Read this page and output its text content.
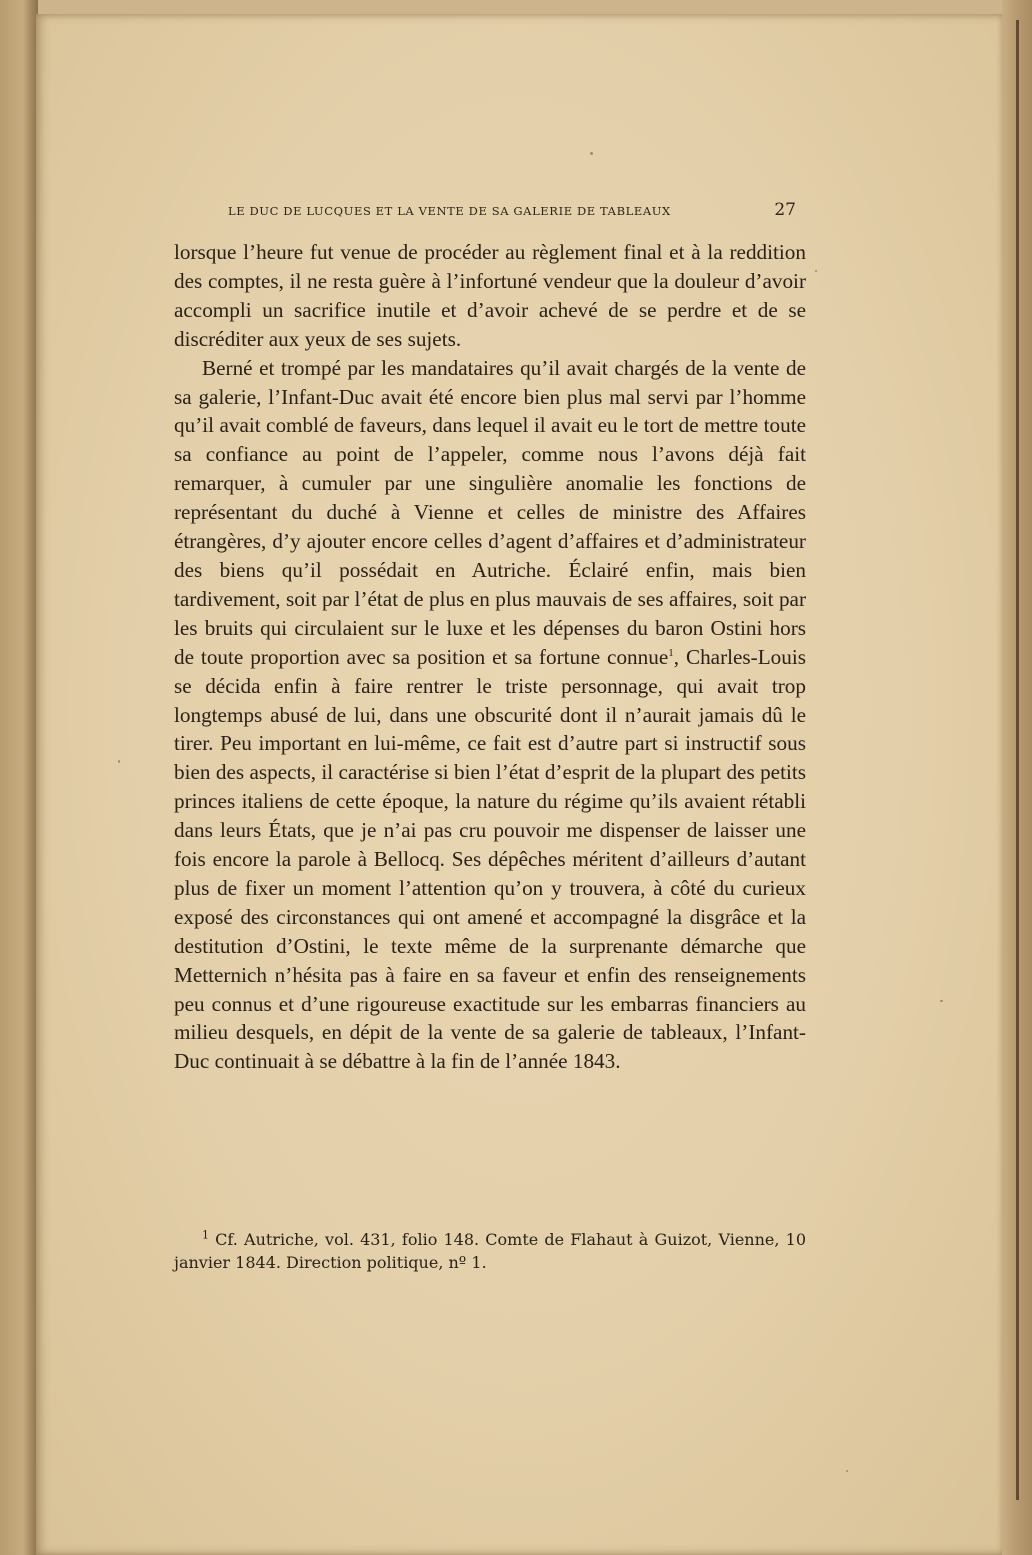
LE DUC DE LUCQUES ET LA VENTE DE SA GALERIE DE TABLEAUX	27

lorsque l’heure fut venue de procéder au règlement final et à la reddition des comptes, il ne resta guère à l’infortuné vendeur que la douleur d’avoir accompli un sacrifice inutile et d’avoir achevé de se perdre et de se discréditer aux yeux de ses sujets.

Berné et trompé par les mandataires qu’il avait chargés de la vente de sa galerie, l’Infant-Duc avait été encore bien plus mal servi par l’homme qu’il avait comblé de faveurs, dans lequel il avait eu le tort de mettre toute sa confiance au point de l’appeler, comme nous l’avons déjà fait remarquer, à cumuler par une singulière anomalie les fonctions de représentant du duché à Vienne et celles de ministre des Affaires étrangères, d’y ajouter encore celles d’agent d’affaires et d’administrateur des biens qu’il possédait en Autriche. Éclairé enfin, mais bien tardivement, soit par l’état de plus en plus mauvais de ses affaires, soit par les bruits qui circulaient sur le luxe et les dépenses du baron Ostini hors de toute proportion avec sa position et sa fortune connue$^1$, Charles-Louis se décida enfin à faire rentrer le triste personnage, qui avait trop longtemps abusé de lui, dans une obscurité dont il n’aurait jamais dû le tirer. Peu important en lui-même, ce fait est d’autre part si instructif sous bien des aspects, il caractérise si bien l’état d’esprit de la plupart des petits princes italiens de cette époque, la nature du régime qu’ils avaient rétabli dans leurs États, que je n’ai pas cru pouvoir me dispenser de laisser une fois encore la parole à Bellocq. Ses dépêches méritent d’ailleurs d’autant plus de fixer un moment l’attention qu’on y trouvera, à côté du curieux exposé des circonstances qui ont amené et accompagné la disgrâce et la destitution d’Ostini, le texte même de la surprenante démarche que Metternich n’hésita pas à faire en sa faveur et enfin des renseignements peu connus et d’une rigoureuse exactitude sur les embarras financiers au milieu desquels, en dépit de la vente de sa galerie de tableaux, l’Infant-Duc continuait à se débattre à la fin de l’année 1843.

$^1$ Cf. Autriche, vol. 431, folio 148. Comte de Flahaut à Guizot, Vienne, 10 janvier 1844. Direction politique, nº 1.
